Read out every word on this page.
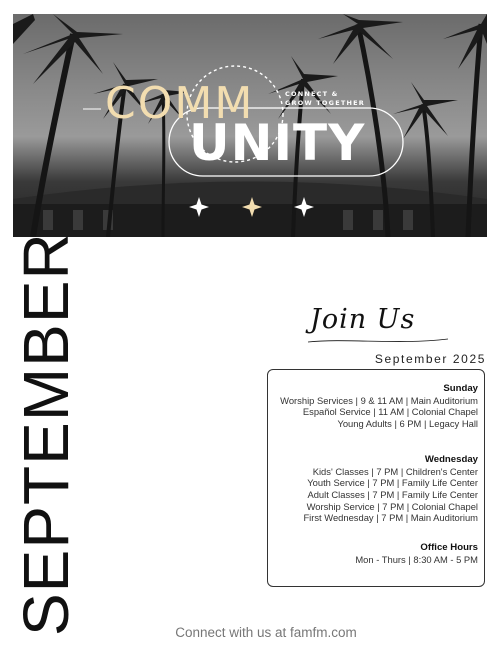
COMM
UNITY
CONNECT &
GROW TOGETHER
SEPTEMBER	Join Us
September 2025
Sunday
Worship Services | 9 & 11 AM | Main Auditorium
Español Service | 11 AM | Colonial Chapel
Young Adults | 6 PM | Legacy Hall
Wednesday
Kids' Classes | 7 PM | Children's Center
Youth Service | 7 PM | Family Life Center
Adult Classes | 7 PM | Family Life Center
Worship Service | 7 PM | Colonial Chapel
First Wednesday | 7 PM | Main Auditorium
Office Hours
Mon - Thurs | 8:30 AM - 5 PM
Connect with us at famfm.com
